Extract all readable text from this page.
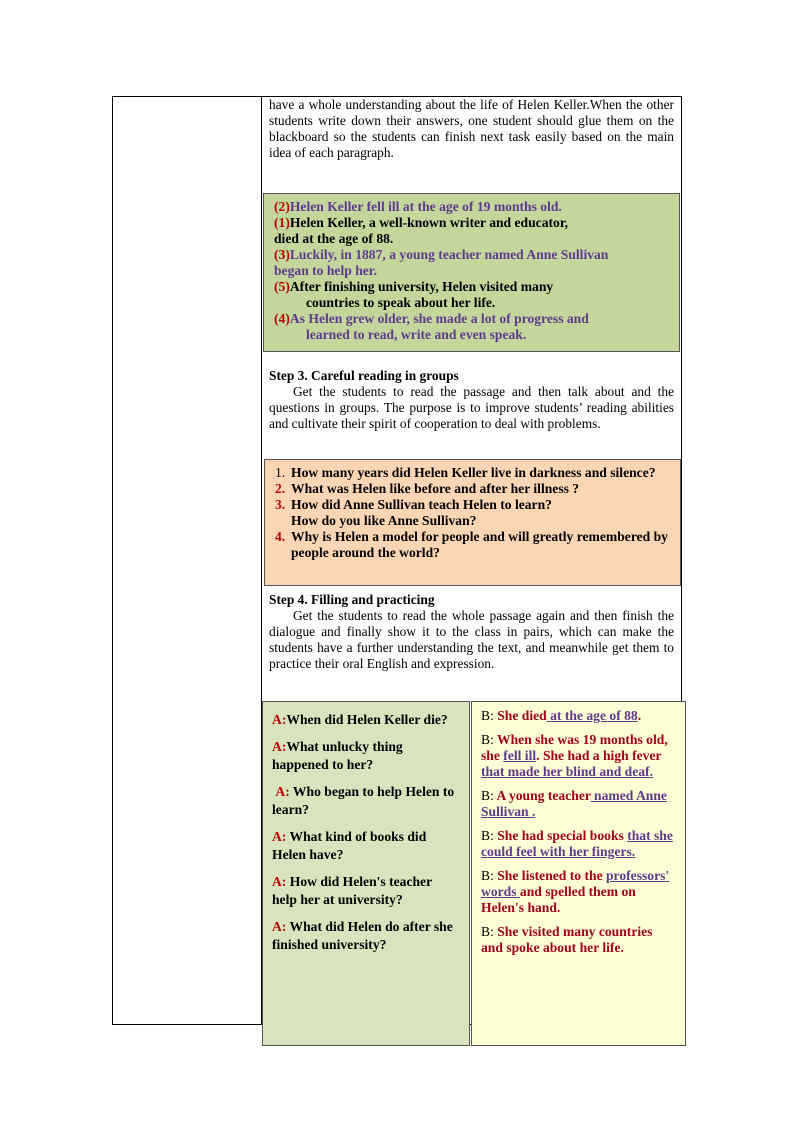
have a whole understanding about the life of Helen Keller.When the other students write down their answers, one student should glue them on the blackboard so the students can finish next task easily based on the main idea of each paragraph.

(2)Helen Keller fell ill at the age of 19 months old.
(1)Helen Keller, a well-known writer and educator,
died at the age of 88.
(3)Luckily, in 1887, a young teacher named Anne Sullivan
began to help her.
(5)After finishing university, Helen visited many
countries to speak about her life.
(4)As Helen grew older, she made a lot of progress and
learned to read, write and even speak.

Step 3. Careful reading in groups

Get the students to read the passage and then talk about and the questions in groups. The purpose is to improve students’ reading abilities and cultivate their spirit of cooperation to deal with problems.

1. How many years did Helen Keller live in darkness and silence?
2. What was Helen like before and after her illness ?
3. How did Anne Sullivan teach Helen to learn?
How do you like Anne Sullivan?
4. Why is Helen a model for people and will greatly remembered by people around the world?

Step 4. Filling and practicing

Get the students to read the whole passage again and then finish the dialogue and finally show it to the class in pairs, which can make the students have a further understanding the text, and meanwhile get them to practice their oral English and expression.

A:When did Helen Keller die?
A:What unlucky thing happened to her?
A: Who began to help Helen to learn?
A: What kind of books did Helen have?
A: How did Helen's teacher help her at university?
A: What did Helen do after she finished university?
B: She died at the age of 88.
B: When she was 19 months old, she fell ill. She had a high fever that made her blind and deaf.
B: A young teacher named Anne Sullivan .
B: She had special books that she could feel with her fingers.
B: She listened to the professors' words and spelled them on Helen's hand.
B: She visited many countries and spoke about her life.
